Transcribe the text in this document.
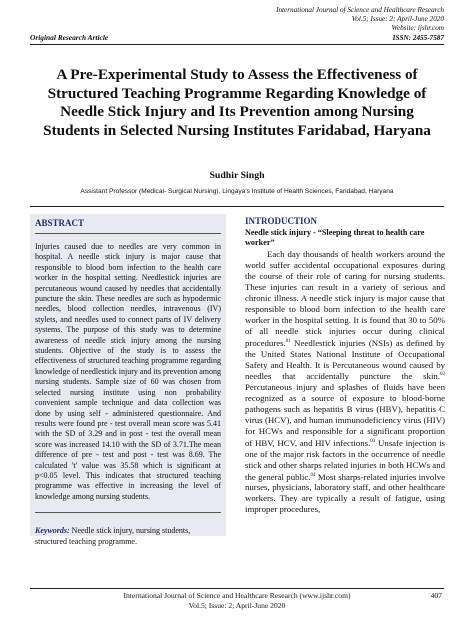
International Journal of Science and Healthcare Research
Vol.5; Issue: 2; April-June 2020
Website: ijshr.com
ISSN: 2455-7587
Original Research Article
A Pre-Experimental Study to Assess the Effectiveness of Structured Teaching Programme Regarding Knowledge of Needle Stick Injury and Its Prevention among Nursing Students in Selected Nursing Institutes Faridabad, Haryana
Sudhir Singh
Assistant Professor (Medical- Surgical Nursing), Lingaya's Institute of Health Sciences, Faridabad, Haryana
ABSTRACT

Injuries caused due to needles are very common in hospital. A needle stick injury is major cause that responsible to blood born infection to the health care worker in the hospital setting. Needlestick injuries are percutaneous wound caused by needles that accidentally puncture the skin. These needles are such as hypodermic needles, blood collection needles, intravenous (IV) stylets, and needles used to connect parts of IV delivery systems. The purpose of this study was to determine awareness of needle stick injury among the nursing students. Objective of the study is to assess the effectiveness of structured teaching programme regarding knowledge of needlestick injury and its prevention among nursing students. Sample size of 60 was chosen from selected nursing institute using non probability convenient sample technique and data collection was done by using self - administered questionnaire. And results were found pre - test overall mean score was 5.41 with the SD of 3.29 and in post - test the overall mean score was increased 14.10 with the SD of 3.71.The mean difference of pre - test and post - test was 8.69. The calculated 't' value was 35.58 which is significant at p<0.05 level. This indicates that structured teaching programme was effective in increasing the level of knowledge among nursing students.

Keywords: Needle stick injury, nursing students, structured teaching programme.
INTRODUCTION
Needle stick injury - “Sleeping threat to health care worker”

Each day thousands of health workers around the world suffer accidental occupational exposures during the course of their role of caring for nursing students. These injuries can result in a variety of serious and chronic illness. A needle stick injury is major cause that responsible to blood born infection to the health care worker in the hospital setting. It is found that 30 to 50% of all needle stick injuries occur during clinical procedures.$^{01}$ Needlestick injuries (NSIs) as defined by the United States National Institute of Occupational Safety and Health. It is Percutaneous wound caused by needles that accidentally puncture the skin.$^{02}$ Percutaneous injury and splashes of fluids have been recognized as a source of exposure to blood-borne pathogens such as hepatitis B virus (HBV), hepatitis C virus (HCV), and human immunodeficiency virus (HIV) for HCWs and responsible for a significant proportion of HBV, HCV, and HIV infections.$^{03}$ Unsafe injection is one of the major risk factors in the occurrence of needle stick and other sharps related injuries in both HCWs and the general public.$^{04}$ Most sharps-related injuries involve nurses, physicians, laboratory staff, and other healthcare workers. They are typically a result of fatigue, using improper procedures,

International Journal of Science and Healthcare Research (www.ijshr.com)
Vol.5; Issue: 2; April-June 2020
407
